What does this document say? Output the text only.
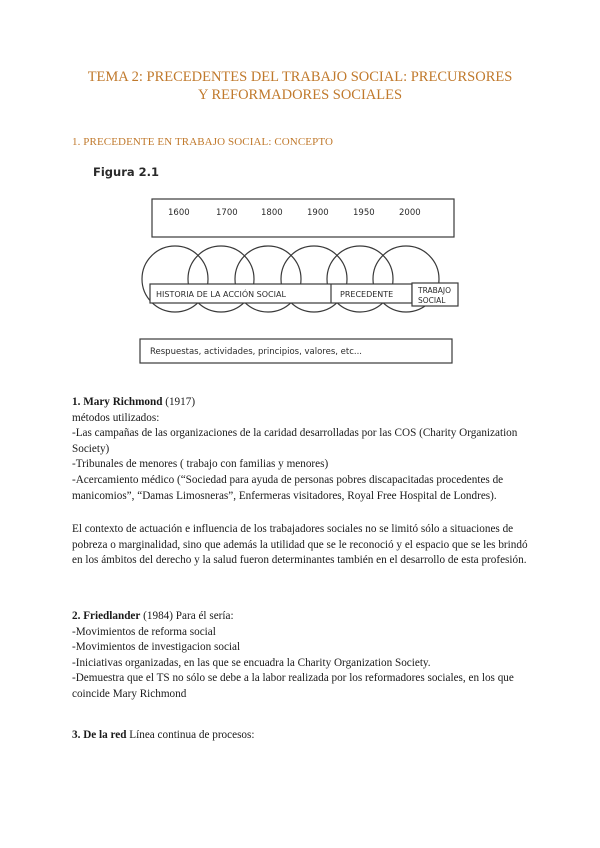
TEMA 2: PRECEDENTES DEL TRABAJO SOCIAL: PRECURSORES
Y REFORMADORES SOCIALES
1. PRECEDENTE EN TRABAJO SOCIAL: CONCEPTO
Figura 2.1
1600	1700	1800	1900	1950	2000
HISTORIA DE LA ACCIÓN SOCIAL	PRECEDENTE	TRABAJO
SOCIAL
Respuestas, actividades, principios, valores, etc...

1. Mary Richmond (1917)

métodos utilizados:

-Las campañas de las organizaciones de la caridad desarrolladas por las COS (Charity Organization Society)

-Tribunales de menores ( trabajo con familias y menores)

-Acercamiento médico (“Sociedad para ayuda de personas pobres discapacitadas procedentes de manicomios”, “Damas Limosneras”, Enfermeras visitadores, Royal Free Hospital de Londres).

El contexto de actuación e influencia de los trabajadores sociales no se limitó sólo a situaciones de pobreza o marginalidad, sino que además la utilidad que se le reconoció y el espacio que se les brindó en los ámbitos del derecho y la salud fueron determinantes también en el desarrollo de esta profesión.

2. Friedlander (1984) Para él sería:

-Movimientos de reforma social

-Movimientos de investigacion social

-Iniciativas organizadas, en las que se encuadra la Charity Organization Society.

-Demuestra que el TS no sólo se debe a la labor realizada por los reformadores sociales, en los que coincide Mary Richmond

3. De la red Línea continua de procesos:
